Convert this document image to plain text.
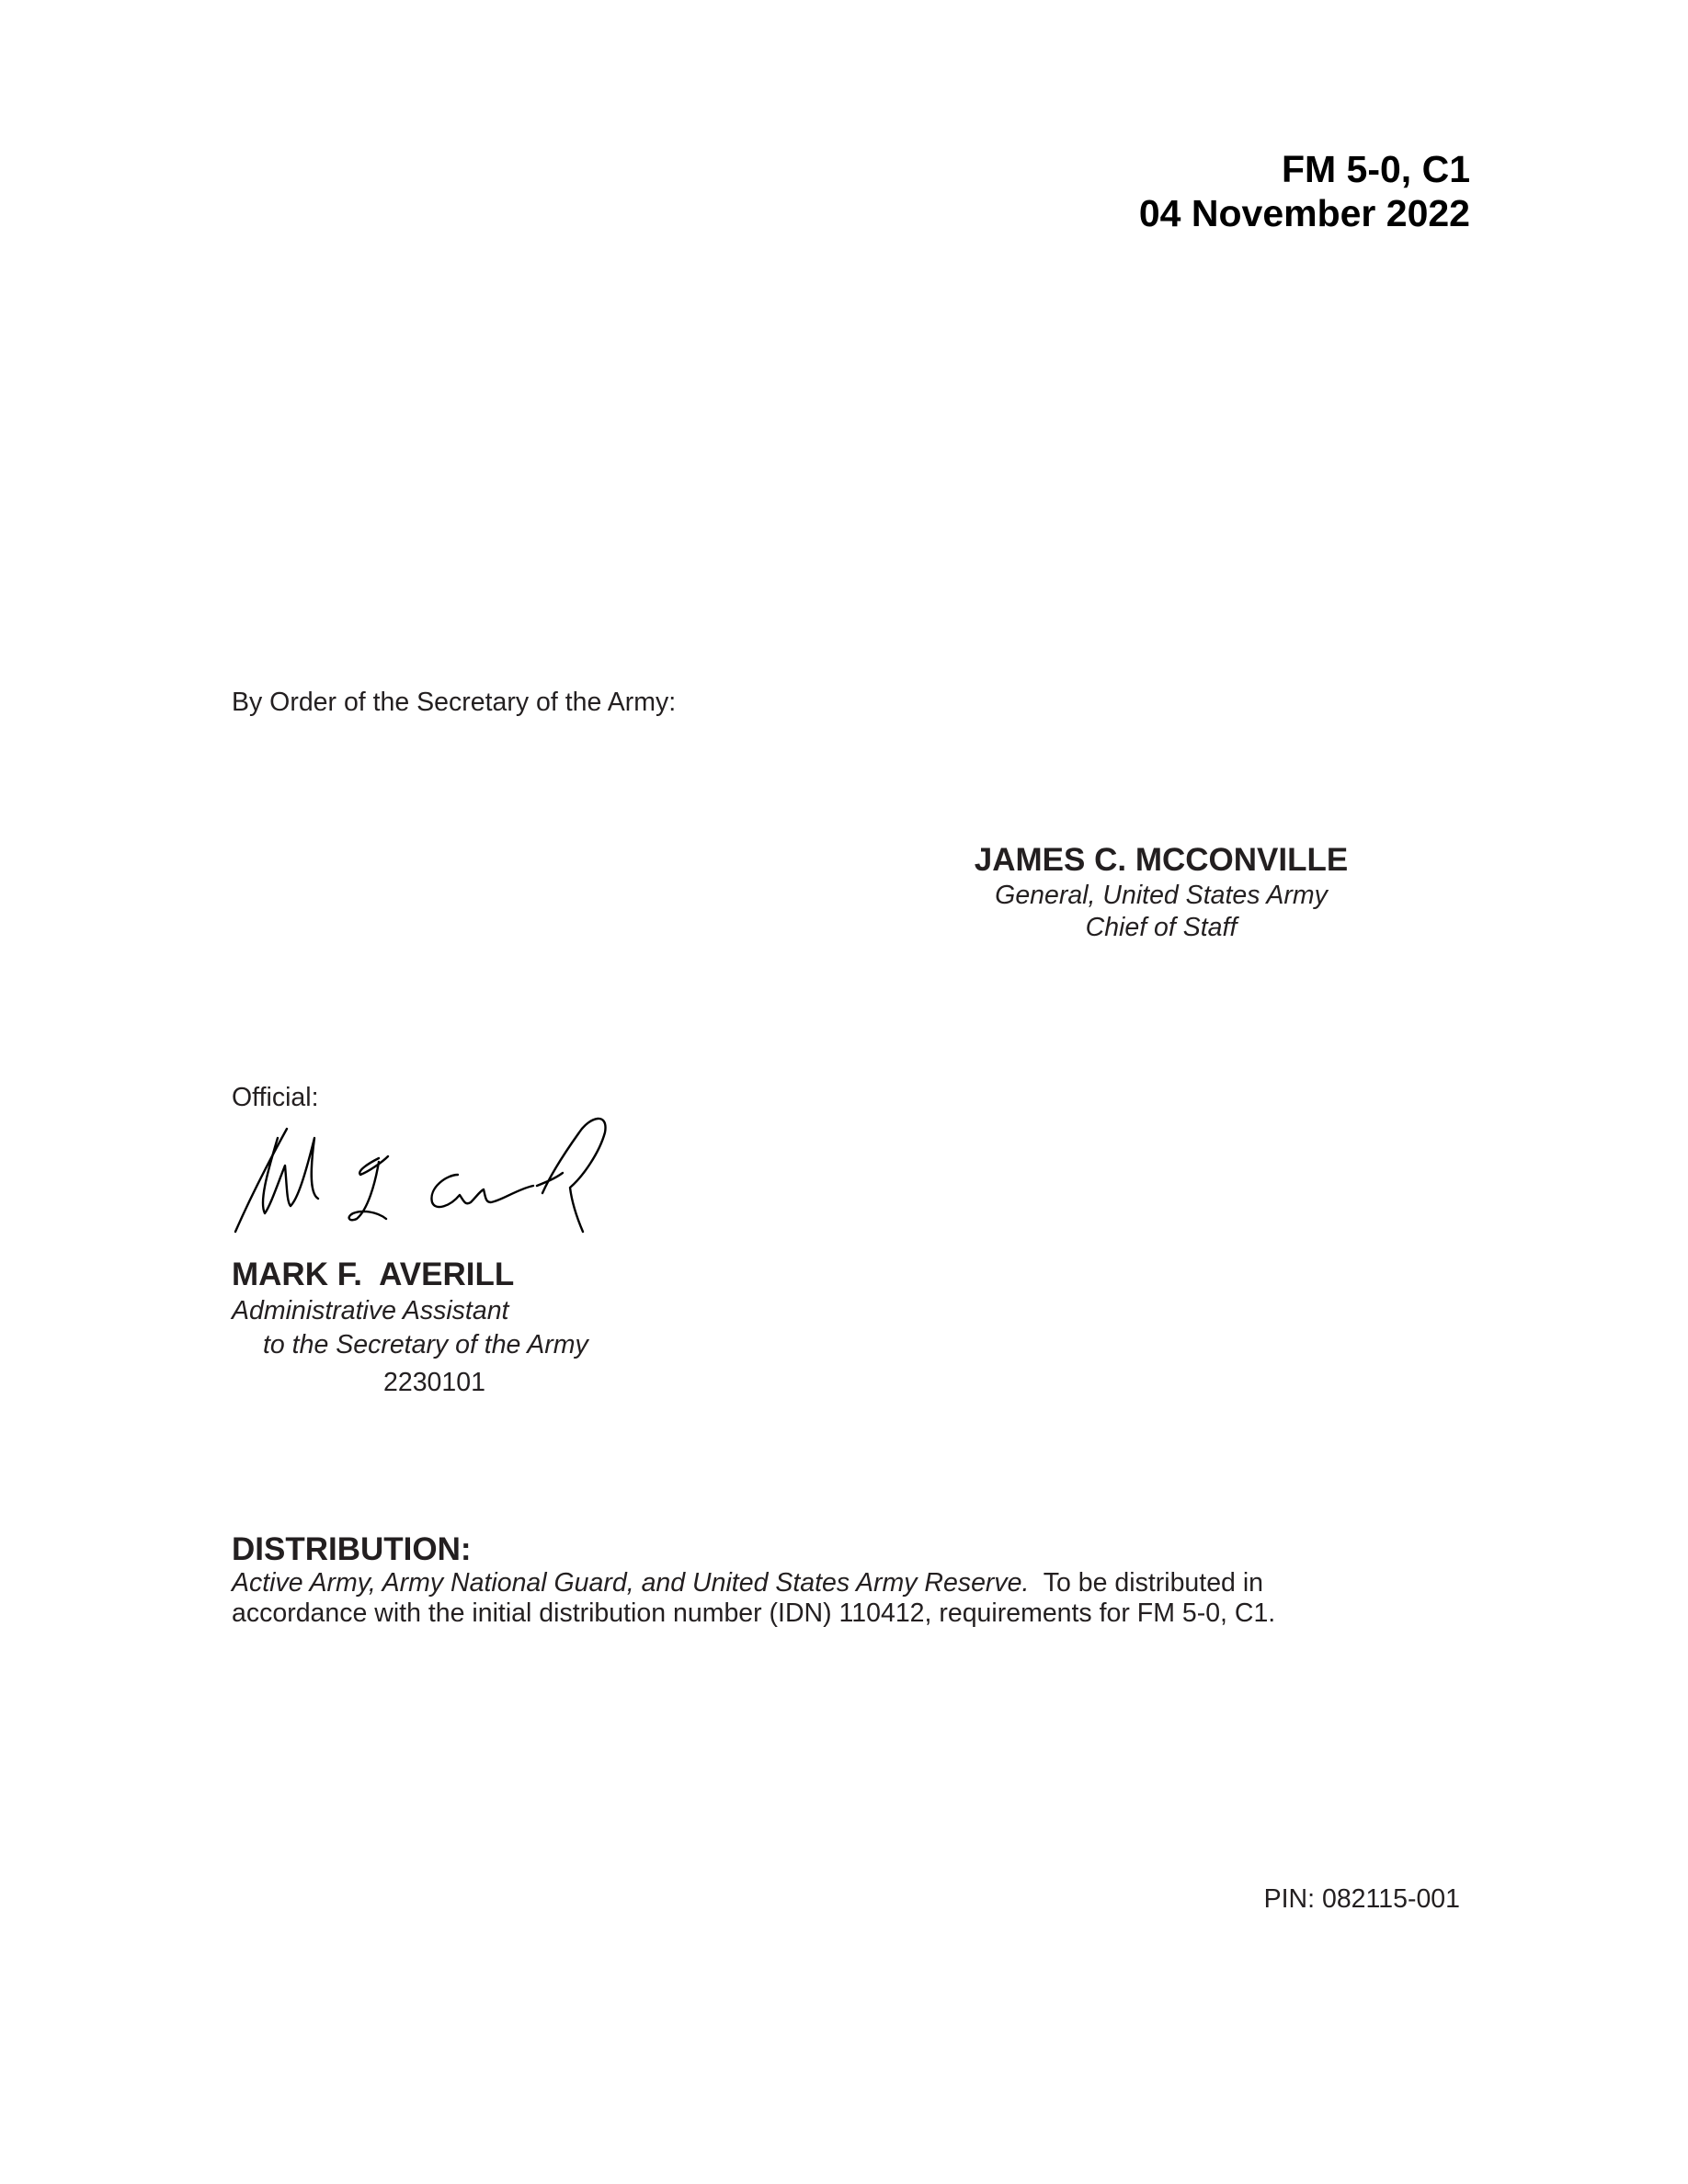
FM 5-0, C1
04 November 2022
By Order of the Secretary of the Army:
JAMES C. MCCONVILLE
General, United States Army
Chief of Staff
Official:
MARK F.  AVERILL
Administrative Assistant
to the Secretary of the Army
2230101
DISTRIBUTION:
Active Army, Army National Guard, and United States Army Reserve.  To be distributed in
accordance with the initial distribution number (IDN) 110412, requirements for FM 5-0, C1.
PIN: 082115-001
